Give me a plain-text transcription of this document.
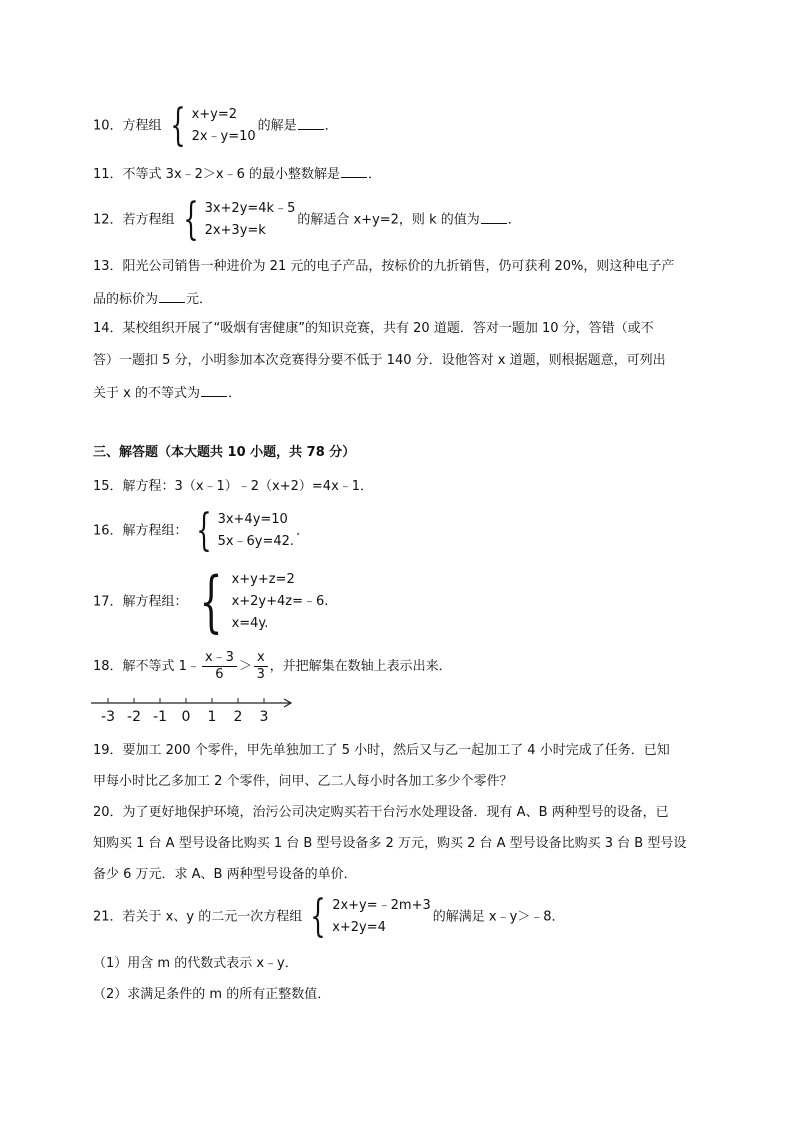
10．方程组 { x+y=2
2x﹣y=10
的解是 ．
11．不等式 3x﹣2＞x﹣6 的最小整数解是 ．
12．若方程组 { 3x+2y=4k﹣5
2x+3y=k
的解适合 x+y=2，则 k 的值为 ．
13．阳光公司销售一种进价为 21 元的电子产品，按标价的九折销售，仍可获利 20%，则这种电子产
品的标价为 元．
14．某校组织开展了“吸烟有害健康”的知识竞赛，共有 20 道题．答对一题加 10 分，答错（或不
答）一题扣 5 分，小明参加本次竞赛得分要不低于 140 分．设他答对 x 道题，则根据题意，可列出
关于 x 的不等式为 ．
三、解答题（本大题共 10 小题，共 78 分）
15．解方程：3（x﹣1）﹣2（x+2）=4x﹣1．
16．解方程组： { 3x+4y=10
5x﹣6y=42.
．
17．解方程组： { x+y+z=2
x+2y+4z=﹣6.
x=4y.
18．解不等式 1﹣ $\frac{x﹣3}{6} > \frac{x}{3}$ ，并把解集在数轴上表示出来．
-3 -2 -1 0 1 2 3
19．要加工 200 个零件，甲先单独加工了 5 小时，然后又与乙一起加工了 4 小时完成了任务．已知
甲每小时比乙多加工 2 个零件，问甲、乙二人每小时各加工多少个零件？
20．为了更好地保护环境，治污公司决定购买若干台污水处理设备．现有 A、B 两种型号的设备，已
知购买 1 台 A 型号设备比购买 1 台 B 型号设备多 2 万元，购买 2 台 A 型号设备比购买 3 台 B 型号设
备少 6 万元．求 A、B 两种型号设备的单价．
21．若关于 x、y 的二元一次方程组 { 2x+y=﹣2m+3
x+2y=4
的解满足 x﹣y＞﹣8．
（1）用含 m 的代数式表示 x﹣y．
（2）求满足条件的 m 的所有正整数值．
